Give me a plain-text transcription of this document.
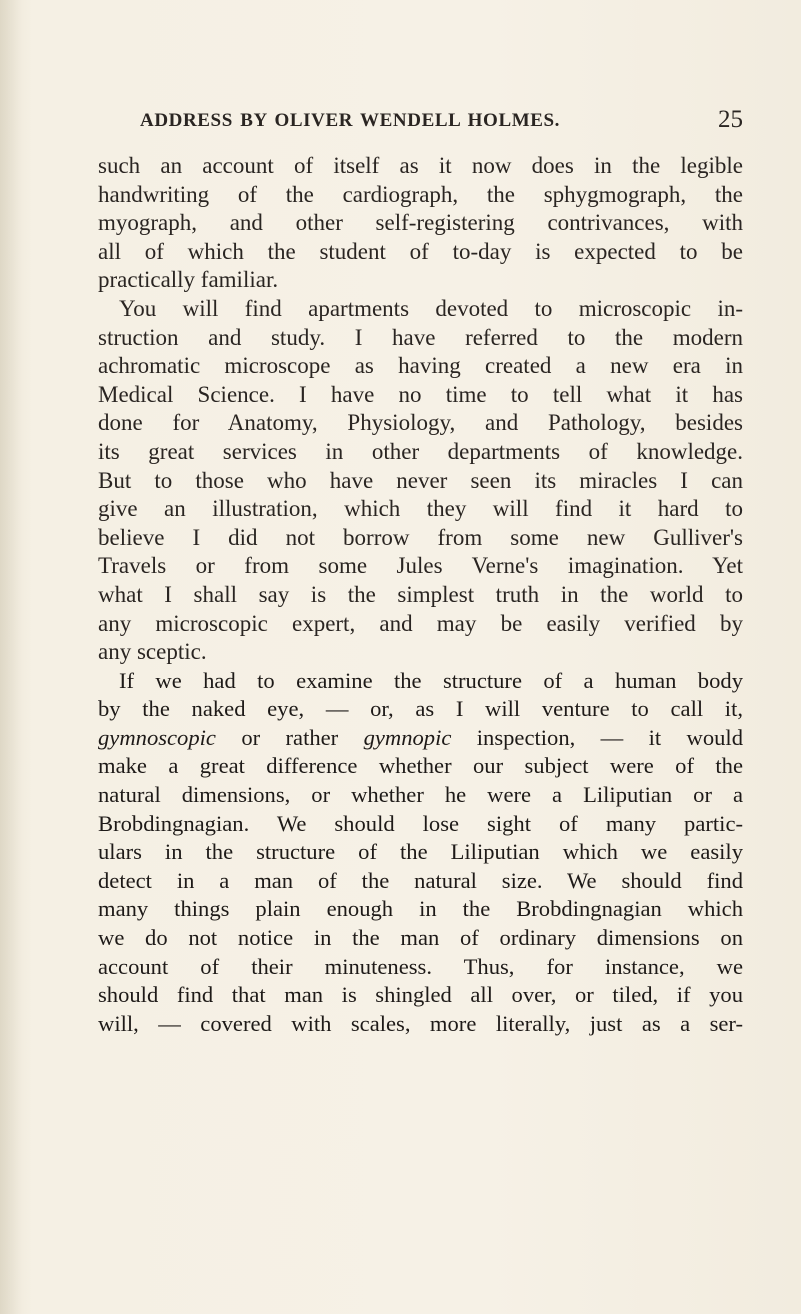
ADDRESS BY OLIVER WENDELL HOLMES.	25
such an account of itself as it now does in the legible
handwriting of the cardiograph, the sphygmograph, the
myograph, and other self-registering contrivances, with
all of which the student of to-day is expected to be
practically familiar.
You will find apartments devoted to microscopic in-
struction and study. I have referred to the modern
achromatic microscope as having created a new era in
Medical Science. I have no time to tell what it has
done for Anatomy, Physiology, and Pathology, besides
its great services in other departments of knowledge.
But to those who have never seen its miracles I can
give an illustration, which they will find it hard to
believe I did not borrow from some new Gulliver's
Travels or from some Jules Verne's imagination. Yet
what I shall say is the simplest truth in the world to
any microscopic expert, and may be easily verified by
any sceptic.
If we had to examine the structure of a human body
by the naked eye, — or, as I will venture to call it,
gymnoscopic or rather gymnopic inspection, — it would
make a great difference whether our subject were of the
natural dimensions, or whether he were a Liliputian or a
Brobdingnagian. We should lose sight of many partic-
ulars in the structure of the Liliputian which we easily
detect in a man of the natural size. We should find
many things plain enough in the Brobdingnagian which
we do not notice in the man of ordinary dimensions on
account of their minuteness. Thus, for instance, we
should find that man is shingled all over, or tiled, if you
will, — covered with scales, more literally, just as a ser-
